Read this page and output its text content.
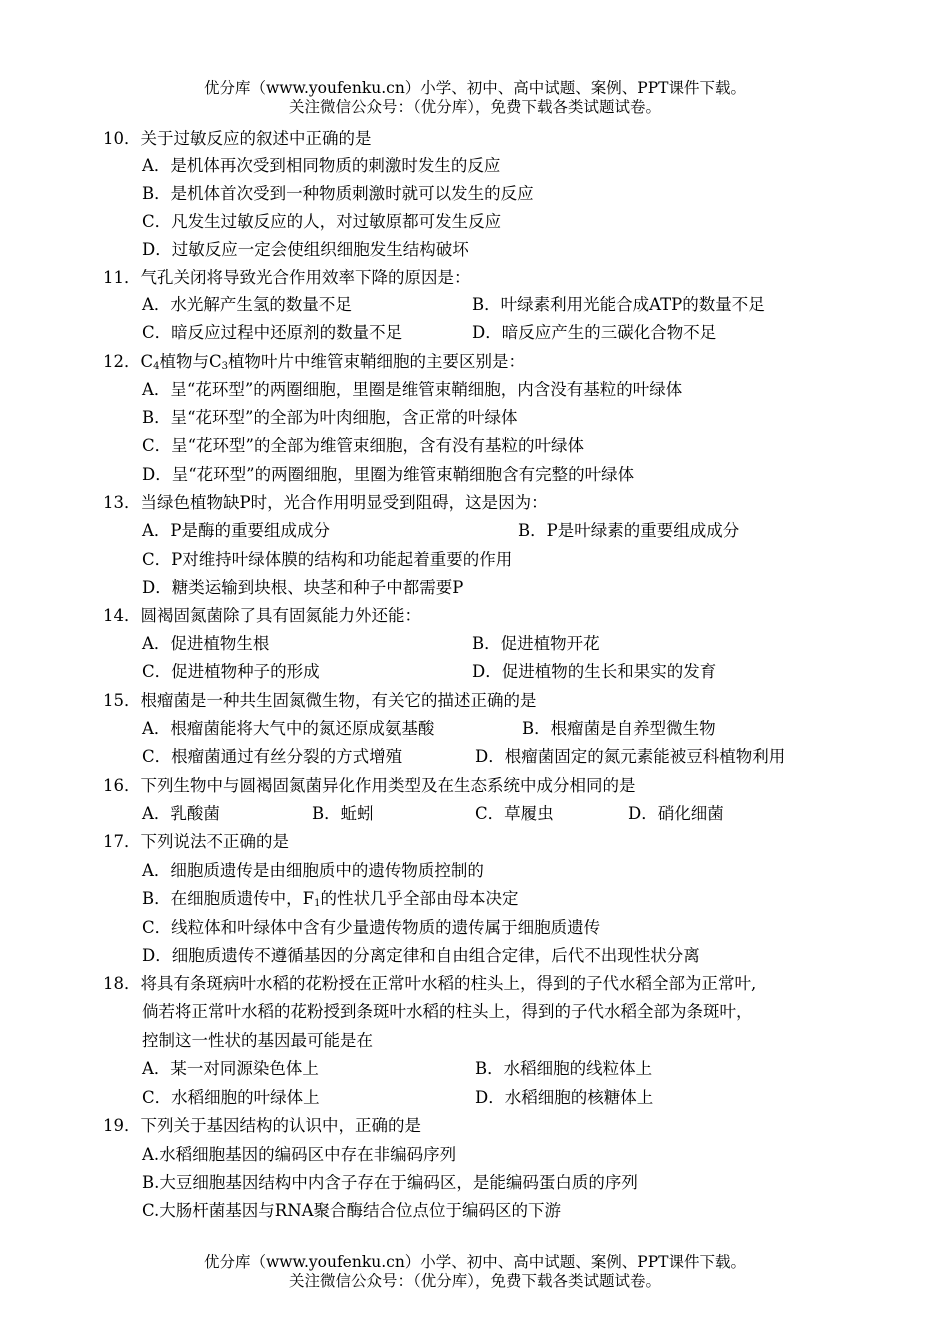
优分库（www.youfenku.cn）小学、初中、高中试题、案例、PPT课件下载。
关注微信公众号：（优分库），免费下载各类试题试卷。
10．关于过敏反应的叙述中正确的是
A．是机体再次受到相同物质的刺激时发生的反应
B．是机体首次受到一种物质刺激时就可以发生的反应
C．凡发生过敏反应的人，对过敏原都可发生反应
D．过敏反应一定会使组织细胞发生结构破坏
11．气孔关闭将导致光合作用效率下降的原因是：
A．水光解产生氢的数量不足	B．叶绿素利用光能合成ATP的数量不足
C．暗反应过程中还原剂的数量不足	D．暗反应产生的三碳化合物不足
12．$C_4$植物与$C_3$植物叶片中维管束鞘细胞的主要区别是：
A．呈“花环型”的两圈细胞，里圈是维管束鞘细胞，内含没有基粒的叶绿体
B．呈“花环型”的全部为叶肉细胞，含正常的叶绿体
C．呈“花环型”的全部为维管束细胞，含有没有基粒的叶绿体
D．呈“花环型”的两圈细胞，里圈为维管束鞘细胞含有完整的叶绿体
13．当绿色植物缺P时，光合作用明显受到阻碍，这是因为：
A．P是酶的重要组成成分	B．P是叶绿素的重要组成成分
C．P对维持叶绿体膜的结构和功能起着重要的作用
D．糖类运输到块根、块茎和种子中都需要P
14．圆褐固氮菌除了具有固氮能力外还能：
A．促进植物生根	B．促进植物开花
C．促进植物种子的形成	D．促进植物的生长和果实的发育
15．根瘤菌是一种共生固氮微生物，有关它的描述正确的是
A．根瘤菌能将大气中的氮还原成氨基酸	B．根瘤菌是自养型微生物
C．根瘤菌通过有丝分裂的方式增殖	D．根瘤菌固定的氮元素能被豆科植物利用
16．下列生物中与圆褐固氮菌异化作用类型及在生态系统中成分相同的是
A．乳酸菌	B．蚯蚓	C．草履虫	D．硝化细菌
17．下列说法不正确的是
A．细胞质遗传是由细胞质中的遗传物质控制的
B．在细胞质遗传中，$F_1$的性状几乎全部由母本决定
C．线粒体和叶绿体中含有少量遗传物质的遗传属于细胞质遗传
D．细胞质遗传不遵循基因的分离定律和自由组合定律，后代不出现性状分离
18．将具有条斑病叶水稻的花粉授在正常叶水稻的柱头上，得到的子代水稻全部为正常叶,
倘若将正常叶水稻的花粉授到条斑叶水稻的柱头上，得到的子代水稻全部为条斑叶，
控制这一性状的基因最可能是在
A．某一对同源染色体上	B．水稻细胞的线粒体上
C．水稻细胞的叶绿体上	D．水稻细胞的核糖体上
19．下列关于基因结构的认识中，正确的是
A.水稻细胞基因的编码区中存在非编码序列
B.大豆细胞基因结构中内含子存在于编码区，是能编码蛋白质的序列
C.大肠杆菌基因与RNA聚合酶结合位点位于编码区的下游
优分库（www.youfenku.cn）小学、初中、高中试题、案例、PPT课件下载。
关注微信公众号：（优分库），免费下载各类试题试卷。
